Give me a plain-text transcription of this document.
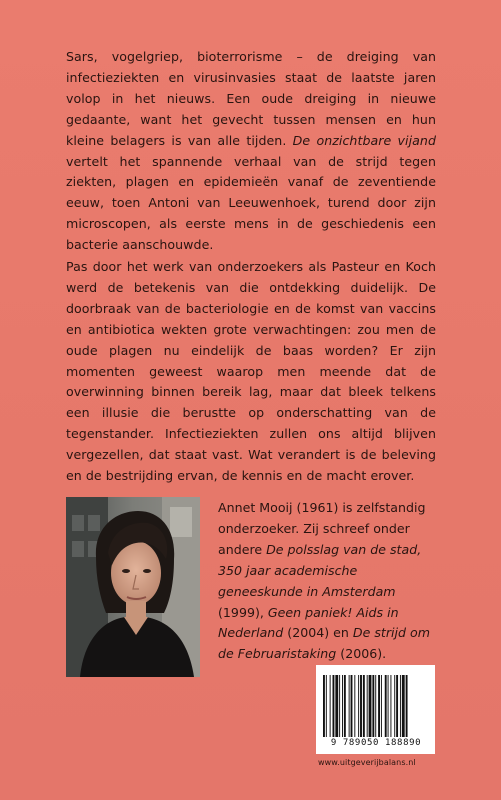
Sars, vogelgriep, bioterrorisme – de dreiging van infectieziekten en virusinvasies staat de laatste jaren volop in het nieuws. Een oude dreiging in nieuwe gedaante, want het gevecht tussen mensen en hun kleine belagers is van alle tijden. De onzichtbare vijand vertelt het spannende verhaal van de strijd tegen ziekten, plagen en epidemieën vanaf de zeventiende eeuw, toen Antoni van Leeuwenhoek, turend door zijn microscopen, als eerste mens in de geschiedenis een bacterie aanschouwde.

Pas door het werk van onderzoekers als Pasteur en Koch werd de betekenis van die ontdekking duidelijk. De doorbraak van de bacteriologie en de komst van vaccins en antibiotica wekten grote verwachtingen: zou men de oude plagen nu eindelijk de baas worden? Er zijn momenten geweest waarop men meende dat de overwinning binnen bereik lag, maar dat bleek telkens een illusie die berustte op onderschatting van de tegenstander. Infectieziekten zullen ons altijd blijven vergezellen, dat staat vast. Wat verandert is de beleving en de bestrijding ervan, de kennis en de macht erover.

Annet Mooij (1961) is zelfstandig onderzoeker. Zij schreef onder andere De polsslag van de stad, 350 jaar academische geneeskunde in Amsterdam (1999), Geen paniek! Aids in Nederland (2004) en De strijd om de Februaristaking (2006).

9 789050 188890
www.uitgeverijbalans.nl
